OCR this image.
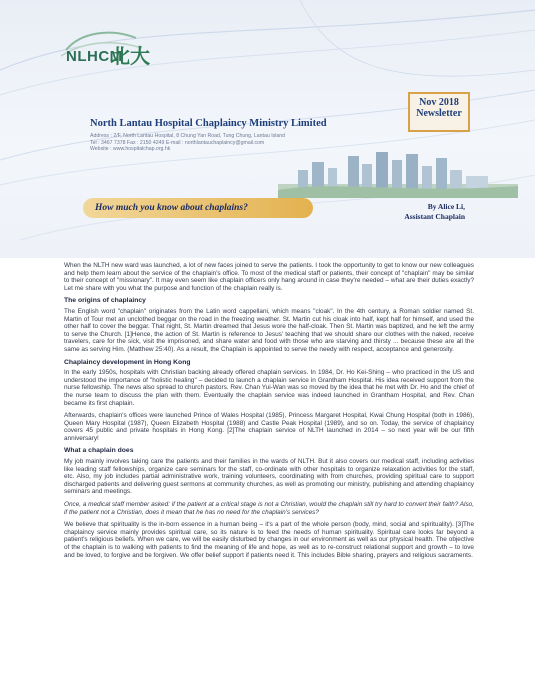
NLHCM
北大
North Lantau Hospital Chaplaincy Ministry Limited
Address : 2/F, North Lantau Hospital, 8 Chung Yan Road, Tung Chung, Lantau Island
Tel : 3467 7378 Fax : 2150 4249 E-mail : northlantauchaplaincy@gmail.com
Website : www.hospitalchap.org.hk
Nov 2018
Newsletter
How much you know about chaplains?	By Alice Li,
Assistant Chaplain

When the NLTH new ward was launched, a lot of new faces joined to serve the patients. I took the opportunity to get to know our new colleagues and help them learn about the service of the chaplain's office. To most of the medical staff or patients, their concept of "chaplain" may be similar to their concept of "missionary". It may even seem like chaplain officers only hang around in case they're needed – what are their duties exactly? Let me share with you what the purpose and function of the chaplain really is.

The origins of chaplaincy

The English word "chaplain" originates from the Latin word cappellani, which means "cloak". In the 4th century, a Roman soldier named St. Martin of Tour met an unclothed beggar on the road in the freezing weather. St. Martin cut his cloak into half, kept half for himself, and used the other half to cover the beggar. That night, St. Martin dreamed that Jesus wore the half-cloak. Then St. Martin was baptized, and he left the army to serve the Church. [1]Hence, the action of St. Martin is reference to Jesus' teaching that we should share our clothes with the naked, receive travelers, care for the sick, visit the imprisoned, and share water and food with those who are starving and thirsty ... because these are all the same as serving Him. (Matthew 25:40). As a result, the Chaplain is appointed to serve the needy with respect, acceptance and generosity.

Chaplaincy development in Hong Kong

In the early 1950s, hospitals with Christian backing already offered chaplain services. In 1984, Dr. Ho Kei-Shing – who practiced in the US and understood the importance of "holistic healing" – decided to launch a chaplain service in Grantham Hospital. His idea received support from the nurse fellowship. The news also spread to church pastors. Rev. Chan Yui-Wan was so moved by the idea that he met with Dr. Ho and the chief of the nurse team to discuss the plan with them. Eventually the chaplain service was indeed launched in Grantham Hospital, and Rev. Chan became its first chaplain.

Afterwards, chaplain's offices were launched Prince of Wales Hospital (1985), Princess Margaret Hospital, Kwai Chung Hospital (both in 1986), Queen Mary Hospital (1987), Queen Elizabeth Hospital (1988) and Castle Peak Hospital (1989), and so on. Today, the service of chaplaincy covers 45 public and private hospitals in Hong Kong. [2]The chaplain service of NLTH launched in 2014 – so next year will be our fifth anniversary!

What a chaplain does

My job mainly involves taking care the patients and their families in the wards of NLTH. But it also covers our medical staff, including activities like leading staff fellowships, organize care seminars for the staff, co-ordinate with other hospitals to organize relaxation activities for the staff, etc. Also, my job includes partial administrative work, training volunteers, coordinating with from churches, providing spiritual care to support discharged patients and delivering guest sermons at community churches, as well as promoting our ministry, publishing and attending chaplaincy seminars and meetings.

Once, a medical staff member asked: if the patient at a critical stage is not a Christian, would the chaplain still try hard to convert their faith? Also, if the patient not a Christian, does it mean that he has no need for the chaplain's services?

We believe that spirituality is the in-born essence in a human being – it's a part of the whole person (body, mind, social and spirituality). [3]The chaplaincy service mainly provides spiritual care, so its nature is to feed the needs of human spirituality. Spiritual care looks far beyond a patient's religious beliefs. When we care, we will be easily disturbed by changes in our environment as well as our physical health. The objective of the chaplain is to walking with patients to find the meaning of life and hope, as well as to re-construct relational support and growth – to love and be loved, to forgive and be forgiven. We offer belief support if patients need it. This includes Bible sharing, prayers and religious sacraments.
